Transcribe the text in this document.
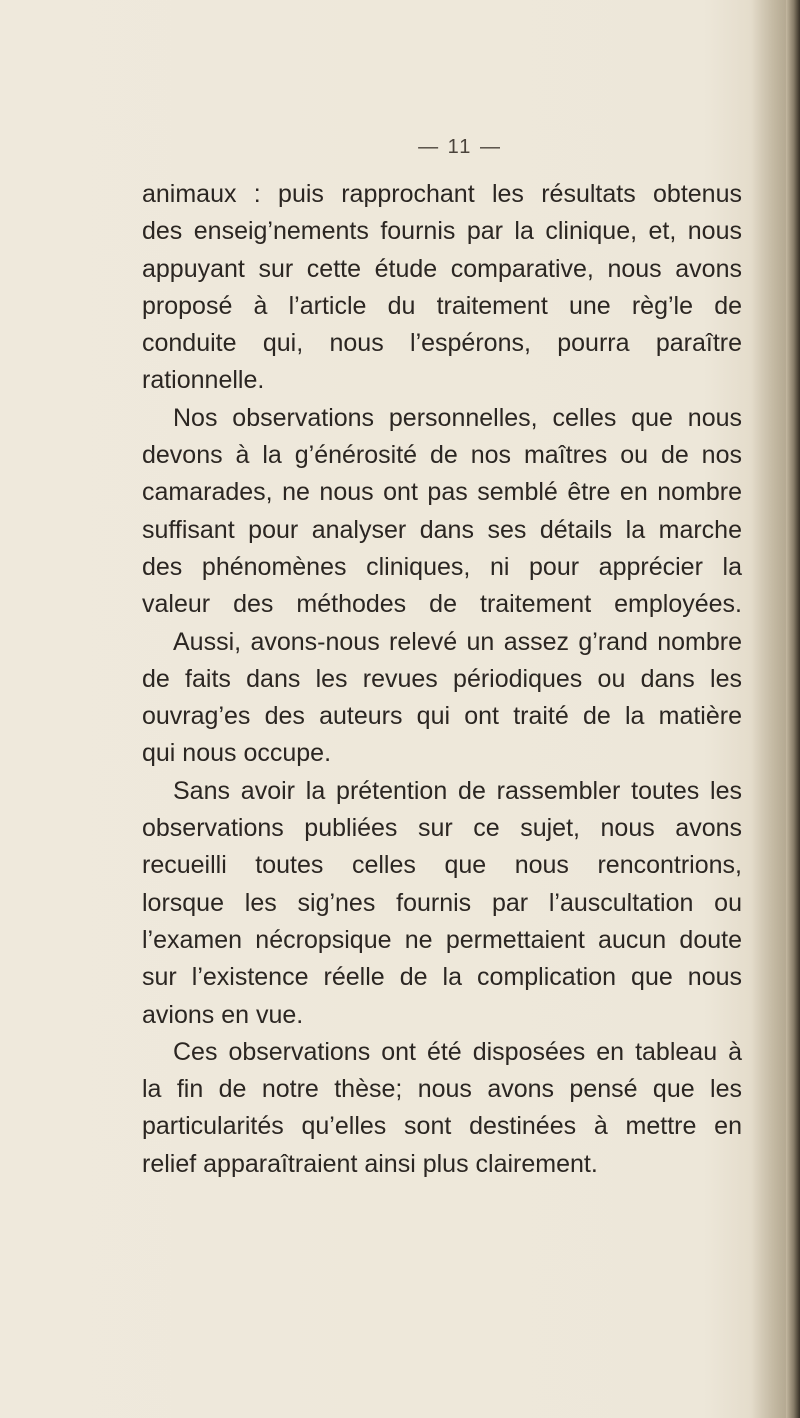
— 11 —
animaux : puis rapprochant les résultats obtenus
des enseig’nements fournis par la clinique, et, nous
appuyant sur cette étude comparative, nous avons
proposé à l’article du traitement une règ’le de
conduite qui, nous l’espérons, pourra paraître
rationnelle.
Nos observations personnelles, celles que nous
devons à la g’énérosité de nos maîtres ou de nos
camarades, ne nous ont pas semblé être en nombre
suffisant pour analyser dans ses détails la marche
des phénomènes cliniques, ni pour apprécier la
valeur des méthodes de traitement employées.
Aussi, avons-nous relevé un assez g’rand nombre
de faits dans les revues périodiques ou dans les
ouvrag’es des auteurs qui ont traité de la matière
qui nous occupe.
Sans avoir la prétention de rassembler toutes les
observations publiées sur ce sujet, nous avons
recueilli toutes celles que nous rencontrions,
lorsque les sig’nes fournis par l’auscultation ou
l’examen nécropsique ne permettaient aucun doute
sur l’existence réelle de la complication que nous
avions en vue.
Ces observations ont été disposées en tableau à
la fin de notre thèse; nous avons pensé que les
particularités qu’elles sont destinées à mettre en
relief apparaîtraient ainsi plus clairement.
